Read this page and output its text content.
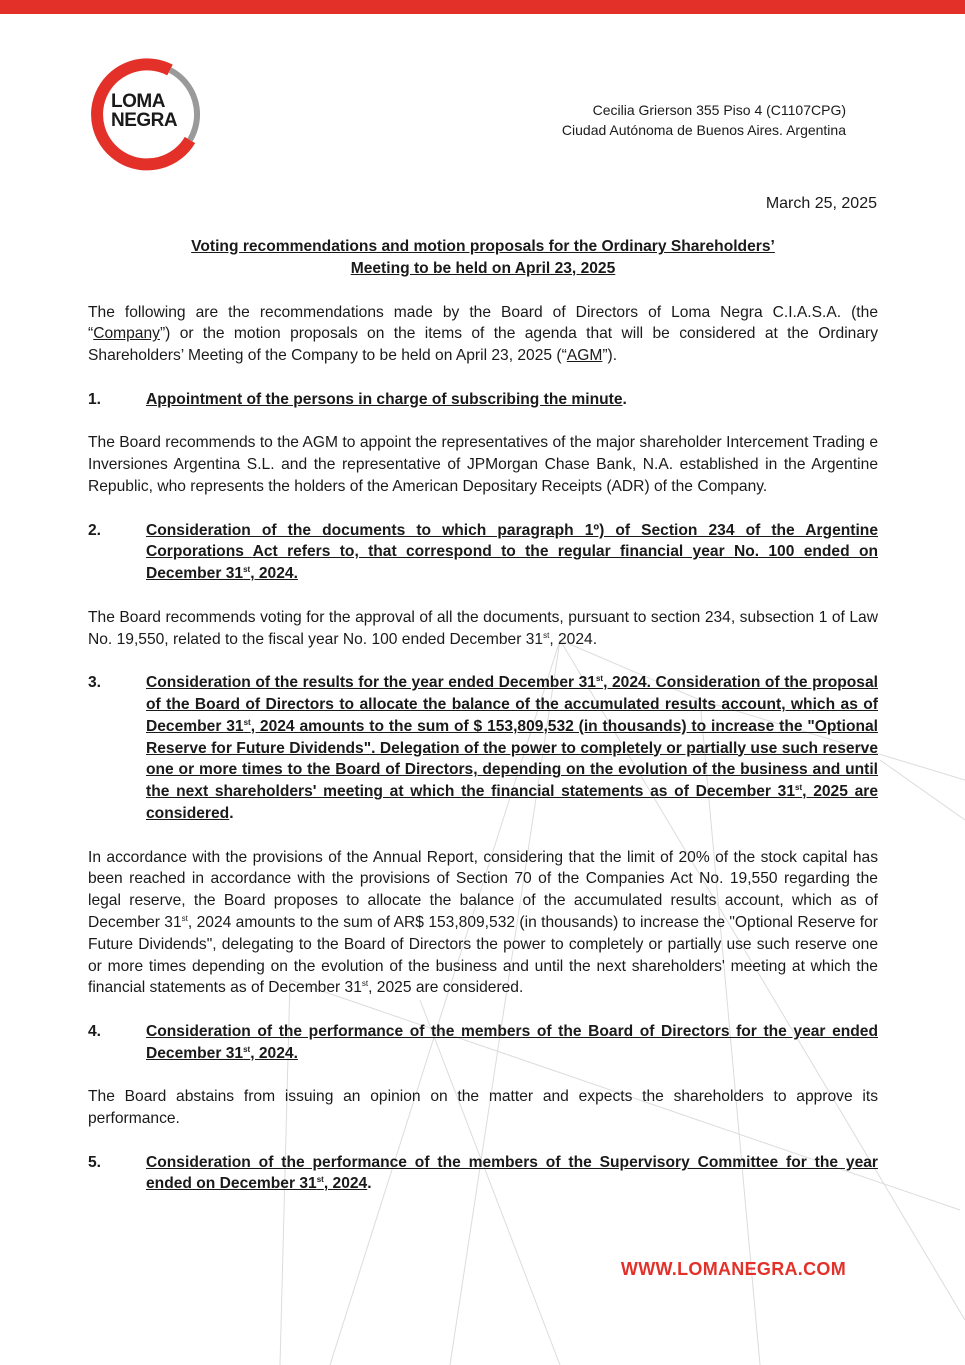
LOMA
NEGRA	Cecilia Grierson 355 Piso 4 (C1107CPG)
Ciudad Autónoma de Buenos Aires. Argentina
March 25, 2025
Voting recommendations and motion proposals for the Ordinary Shareholders’
Meeting to be held on April 23, 2025

The following are the recommendations made by the Board of Directors of Loma Negra C.I.A.S.A. (the “Company”) or the motion proposals on the items of the agenda that will be considered at the Ordinary Shareholders’ Meeting of the Company to be held on April 23, 2025 (“AGM”).

1.	Appointment of the persons in charge of subscribing the minute.

The Board recommends to the AGM to appoint the representatives of the major shareholder Intercement Trading e Inversiones Argentina S.L. and the representative of JPMorgan Chase Bank, N.A. established in the Argentine Republic, who represents the holders of the American Depositary Receipts (ADR) of the Company.

2.	Consideration of the documents to which paragraph 1º) of Section 234 of the Argentine Corporations Act refers to, that correspond to the regular financial year No. 100 ended on December 31st, 2024.

The Board recommends voting for the approval of all the documents, pursuant to section 234, subsection 1 of Law No. 19,550, related to the fiscal year No. 100 ended December 31st, 2024.

3.	Consideration of the results for the year ended December 31st, 2024. Consideration of the proposal of the Board of Directors to allocate the balance of the accumulated results account, which as of December 31st, 2024 amounts to the sum of $ 153,809,532 (in thousands) to increase the "Optional Reserve for Future Dividends". Delegation of the power to completely or partially use such reserve one or more times to the Board of Directors, depending on the evolution of the business and until the next shareholders' meeting at which the financial statements as of December 31st, 2025 are considered.

In accordance with the provisions of the Annual Report, considering that the limit of 20% of the stock capital has been reached in accordance with the provisions of Section 70 of the Companies Act No. 19,550 regarding the legal reserve, the Board proposes to allocate the balance of the accumulated results account, which as of December 31st, 2024 amounts to the sum of AR$ 153,809,532 (in thousands) to increase the "Optional Reserve for Future Dividends", delegating to the Board of Directors the power to completely or partially use such reserve one or more times depending on the evolution of the business and until the next shareholders' meeting at which the financial statements as of December 31st, 2025 are considered.

4.	Consideration of the performance of the members of the Board of Directors for the year ended December 31st, 2024.

The Board abstains from issuing an opinion on the matter and expects the shareholders to approve its performance.

5.	Consideration of the performance of the members of the Supervisory Committee for the year ended on December 31st, 2024.
WWW.LOMANEGRA.COM
